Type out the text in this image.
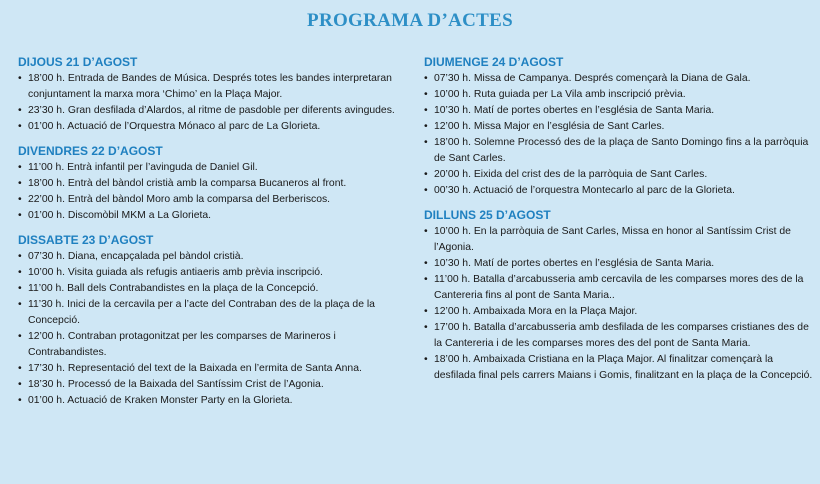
PROGRAMA D’ACTES
DIJOUS 21 D’AGOST
• 18’00 h. Entrada de Bandes de Música. Després totes les bandes interpretaran conjuntament la marxa mora ‘Chimo’ en la Plaça Major.
• 23’30 h. Gran desfilada d’Alardos, al ritme de pasdoble per diferents avingudes.
• 01’00 h. Actuació de l’Orquestra Mónaco al parc de La Glorieta.
DIVENDRES 22 D’AGOST
• 11’00 h. Entrà infantil per l’avinguda de Daniel Gil.
• 18’00 h. Entrà del bàndol cristià amb la comparsa Bucaneros al front.
• 22’00 h. Entrà del bàndol Moro amb la comparsa del Berberiscos.
• 01’00 h. Discomòbil MKM a La Glorieta.
DISSABTE 23 D’AGOST
• 07’30 h. Diana, encapçalada pel bàndol cristià.
• 10’00 h. Visita guiada als refugis antiaeris amb prèvia inscripció.
• 11’00 h. Ball dels Contrabandistes en la plaça de la Concepció.
• 11’30 h. Inici de la cercavila per a l’acte del Contraban des de la plaça de la Concepció.
• 12’00 h. Contraban protagonitzat per les comparses de Marineros i Contrabandistes.
• 17’30 h. Representació del text de la Baixada en l’ermita de Santa Anna.
• 18’30 h. Processó de la Baixada del Santíssim Crist de l’Agonia.
• 01’00 h. Actuació de Kraken Monster Party en la Glorieta.
DIUMENGE 24 D’AGOST
• 07’30 h. Missa de Campanya. Després començarà la Diana de Gala.
• 10’00 h. Ruta guiada per La Vila amb inscripció prèvia.
• 10’30 h. Matí de portes obertes en l’església de Santa Maria.
• 12’00 h. Missa Major en l’església de Sant Carles.
• 18’00 h. Solemne Processó des de la plaça de Santo Domingo fins a la parròquia de Sant Carles.
• 20’00 h. Eixida del crist des de la parròquia de Sant Carles.
• 00’30 h. Actuació de l’orquestra Montecarlo al parc de la Glorieta.
DILLUNS 25 D’AGOST
• 10’00 h. En la parròquia de Sant Carles, Missa en honor al Santíssim Crist de l’Agonia.
• 10’30 h. Matí de portes obertes en l’església de Santa Maria.
• 11’00 h. Batalla d’arcabusseria amb cercavila de les comparses mores des de la Cantereria fins al pont de Santa Maria..
• 12’00 h. Ambaixada Mora en la Plaça Major.
• 17’00 h. Batalla d’arcabusseria amb desfilada de les comparses cristianes des de la Cantereria i de les comparses mores des del pont de Santa Maria.
• 18’00 h. Ambaixada Cristiana en la Plaça Major. Al finalitzar començarà la desfilada final pels carrers Maians i Gomis, finalitzant en la plaça de la Concepció.
